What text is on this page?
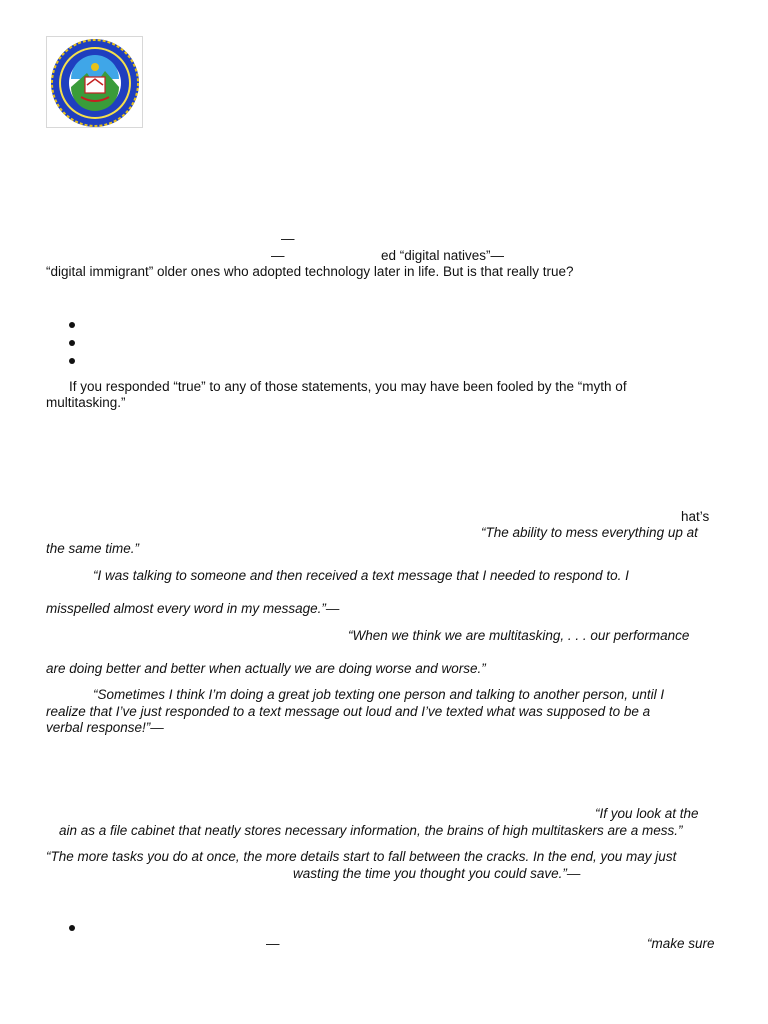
—
—	ed “digital natives”—
“digital immigrant” older ones who adopted technology later in life. But is that really true?
If you responded “true” to any of those statements, you may have been fooled by the “myth of
multitasking.”
hat’s
“The ability to mess everything up at
the same time.”
“I was talking to someone and then received a text message that I needed to respond to. I
misspelled almost every word in my message.”—
“When we think we are multitasking, . . . our performance
are doing better and better when actually we are doing worse and worse.”
“Sometimes I think I’m doing a great job texting one person and talking to another person, until I
realize that I’ve just responded to a text message out loud and I’ve texted what was supposed to be a
verbal response!”—
“If you look at the
ain as a file cabinet that neatly stores necessary information, the brains of high multitaskers are a mess.”
“The more tasks you do at once, the more details start to fall between the cracks. In the end, you may just
wasting the time you thought you could save.”—
—	“make sure
